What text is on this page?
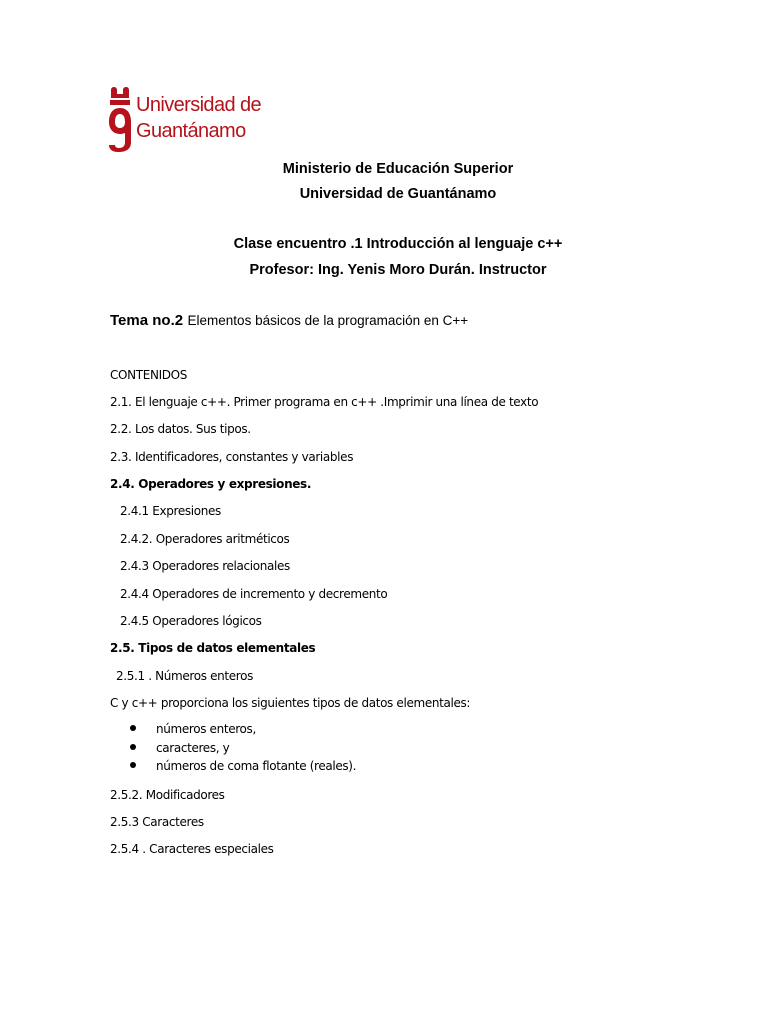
Universidad de
Guantánamo
Ministerio de Educación Superior
Universidad de Guantánamo
Clase encuentro .1 Introducción al lenguaje c++
Profesor: Ing. Yenis Moro Durán. Instructor
Tema no.2 Elementos básicos de la programación en C++
CONTENIDOS
2.1. El lenguaje c++. Primer programa en c++ .Imprimir una línea de texto
2.2. Los datos. Sus tipos.
2.3. Identificadores, constantes y variables
2.4. Operadores y expresiones.
2.4.1 Expresiones
2.4.2. Operadores aritméticos
2.4.3 Operadores relacionales
2.4.4 Operadores de incremento y decremento
2.4.5 Operadores lógicos
2.5. Tipos de datos elementales
2.5.1 . Números enteros
C y c++ proporciona los siguientes tipos de datos elementales:
números enteros,
caracteres, y
números de coma flotante (reales).
2.5.2. Modificadores
2.5.3 Caracteres
2.5.4 . Caracteres especiales
